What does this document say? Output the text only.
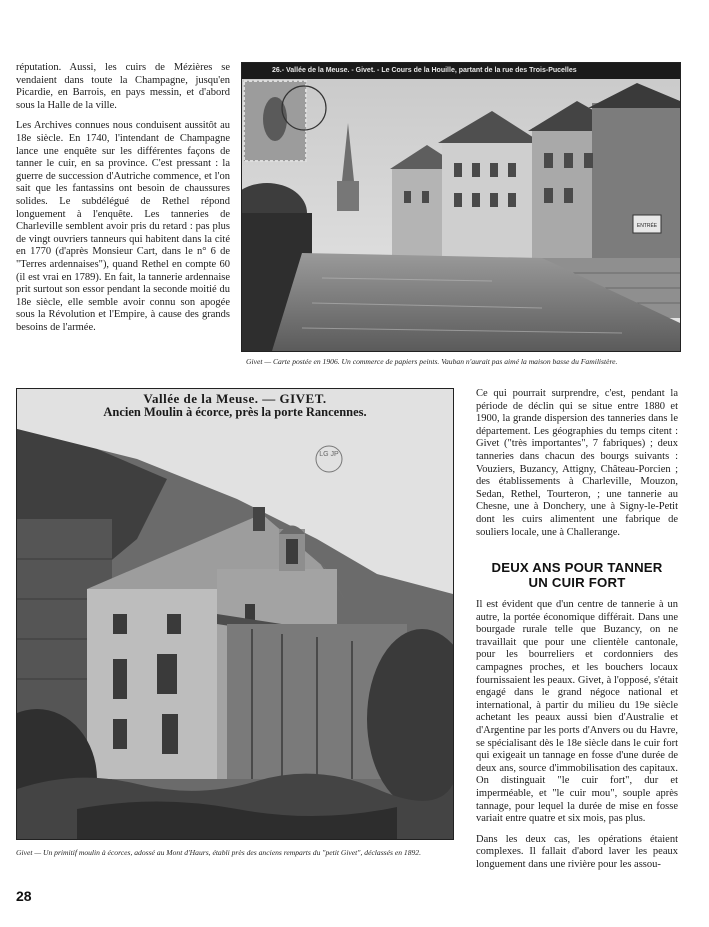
réputation. Aussi, les cuirs de Mézières se vendaient dans toute la Champagne, jusqu'en Picardie, en Barrois, en pays messin, et d'abord sous la Halle de la ville.

Les Archives connues nous conduisent aussitôt au 18e siècle. En 1740, l'intendant de Champagne lance une enquête sur les différentes façons de tanner le cuir, en sa province. C'est pressant : la guerre de succession d'Autriche commence, et l'on sait que les fantassins ont besoin de chaussures solides. Le subdélégué de Rethel répond longuement à l'enquête. Les tanneries de Charleville semblent avoir pris du retard : pas plus de vingt ouvriers tanneurs qui habitent dans la cité en 1770 (d'après Monsieur Cart, dans le n° 6 de "Terres ardennaises"), quand Rethel en compte 60 (il est vrai en 1789). En fait, la tannerie ardennaise prit surtout son essor pendant la seconde moitié du 18e siècle, elle semble avoir connu son apogée sous la Révolution et l'Empire, à cause des grands besoins de l'armée.

ENTRÉE
26.- Vallée de la Meuse. - Givet. - Le Cours de la Houille, partant de la rue des Trois-Pucelles
Givet — Carte postée en 1906. Un commerce de papiers peints. Vauban n'aurait pas aimé la maison basse du Familistère.
LG JP
Vallée de la Meuse. — GIVET.
Ancien Moulin à écorce, près la porte Rancennes.
Givet — Un primitif moulin à écorces, adossé au Mont d'Haurs, établi près des anciens remparts du "petit Givet", déclassés en 1892.

Ce qui pourrait surprendre, c'est, pendant la période de déclin qui se situe entre 1880 et 1900, la grande dispersion des tanneries dans le département. Les géographies du temps citent : Givet ("très importantes", 7 fabriques) ; deux tanneries dans chacun des bourgs suivants : Vouziers, Buzancy, Attigny, Château-Porcien ; des établissements à Charleville, Mouzon, Sedan, Rethel, Tourteron, ; une tannerie au Chesne, une à Donchery, une à Signy-le-Petit dont les cuirs alimentent une fabrique de souliers locale, une à Challerange.

DEUX ANS POUR TANNER
UN CUIR FORT

Il est évident que d'un centre de tannerie à un autre, la portée économique différait. Dans une bourgade rurale telle que Buzancy, on ne travaillait que pour une clientèle cantonale, pour les bourreliers et cordonniers des campagnes proches, et les bouchers locaux fournissaient les peaux. Givet, à l'opposé, s'était engagé dans le grand négoce national et international, à partir du milieu du 19e siècle achetant les peaux aussi bien d'Australie et d'Argentine par les ports d'Anvers ou du Havre, se spécialisant dès le 18e siècle dans le cuir fort qui exigeait un tannage en fosse d'une durée de deux ans, source d'immobilisation des capitaux. On distinguait "le cuir fort", dur et imperméable, et "le cuir mou", souple après tannage, pour lequel la durée de mise en fosse variait entre quatre et six mois, pas plus.

Dans les deux cas, les opérations étaient complexes. Il fallait d'abord laver les peaux longuement dans une rivière pour les assou-

28
